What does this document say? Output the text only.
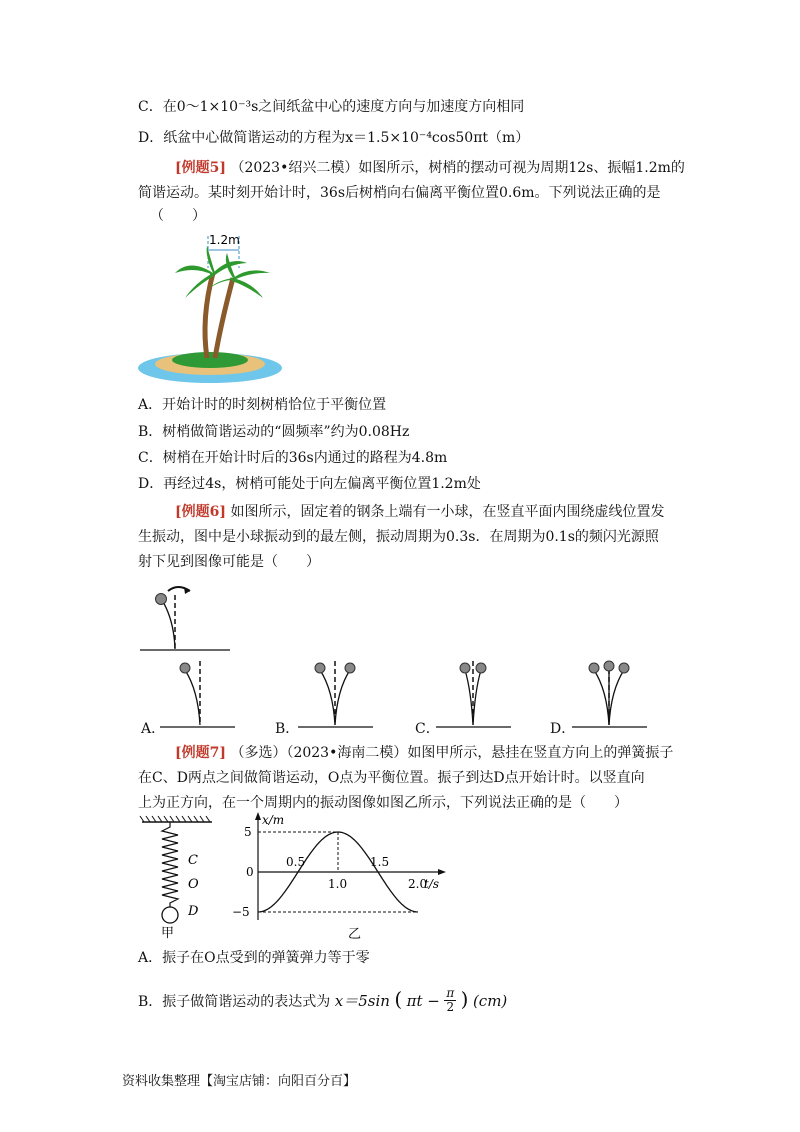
C．在0～1×10⁻³s之间纸盆中心的速度方向与加速度方向相同
D．纸盆中心做简谐运动的方程为x＝1.5×10⁻⁴cos50πt（m）
[例题5] （2023•绍兴二模）如图所示，树梢的摆动可视为周期12s、振幅1.2m的
简谐运动。某时刻开始计时，36s后树梢向右偏离平衡位置0.6m。下列说法正确的是
（　　）
1.2m
A．开始计时的时刻树梢恰位于平衡位置
B．树梢做简谐运动的“圆频率”约为0.08Hz
C．树梢在开始计时后的36s内通过的路程为4.8m
D．再经过4s，树梢可能处于向左偏离平衡位置1.2m处
[例题6] 如图所示，固定着的钢条上端有一小球，在竖直平面内围绕虚线位置发
生振动，图中是小球振动到的最左侧，振动周期为0.3s．在周期为0.1s的频闪光源照
射下见到图像可能是（　　）
A．	B．	C．	D．
[例题7] （多选）（2023•海南二模）如图甲所示，悬挂在竖直方向上的弹簧振子
在C、D两点之间做简谐运动，O点为平衡位置。振子到达D点开始计时。以竖直向
上为正方向，在一个周期内的振动图像如图乙所示，下列说法正确的是（　　）
C
O
D
甲
x/m
t/s
0.5
1.0
1.5
2.0
5
0
−5
乙
A．振子在O点受到的弹簧弹力等于零
B．振子做简谐运动的表达式为 x＝5sin ( $\pi t - \frac{\pi}{2}$ ) (cm)
资料收集整理【淘宝店铺：向阳百分百】
